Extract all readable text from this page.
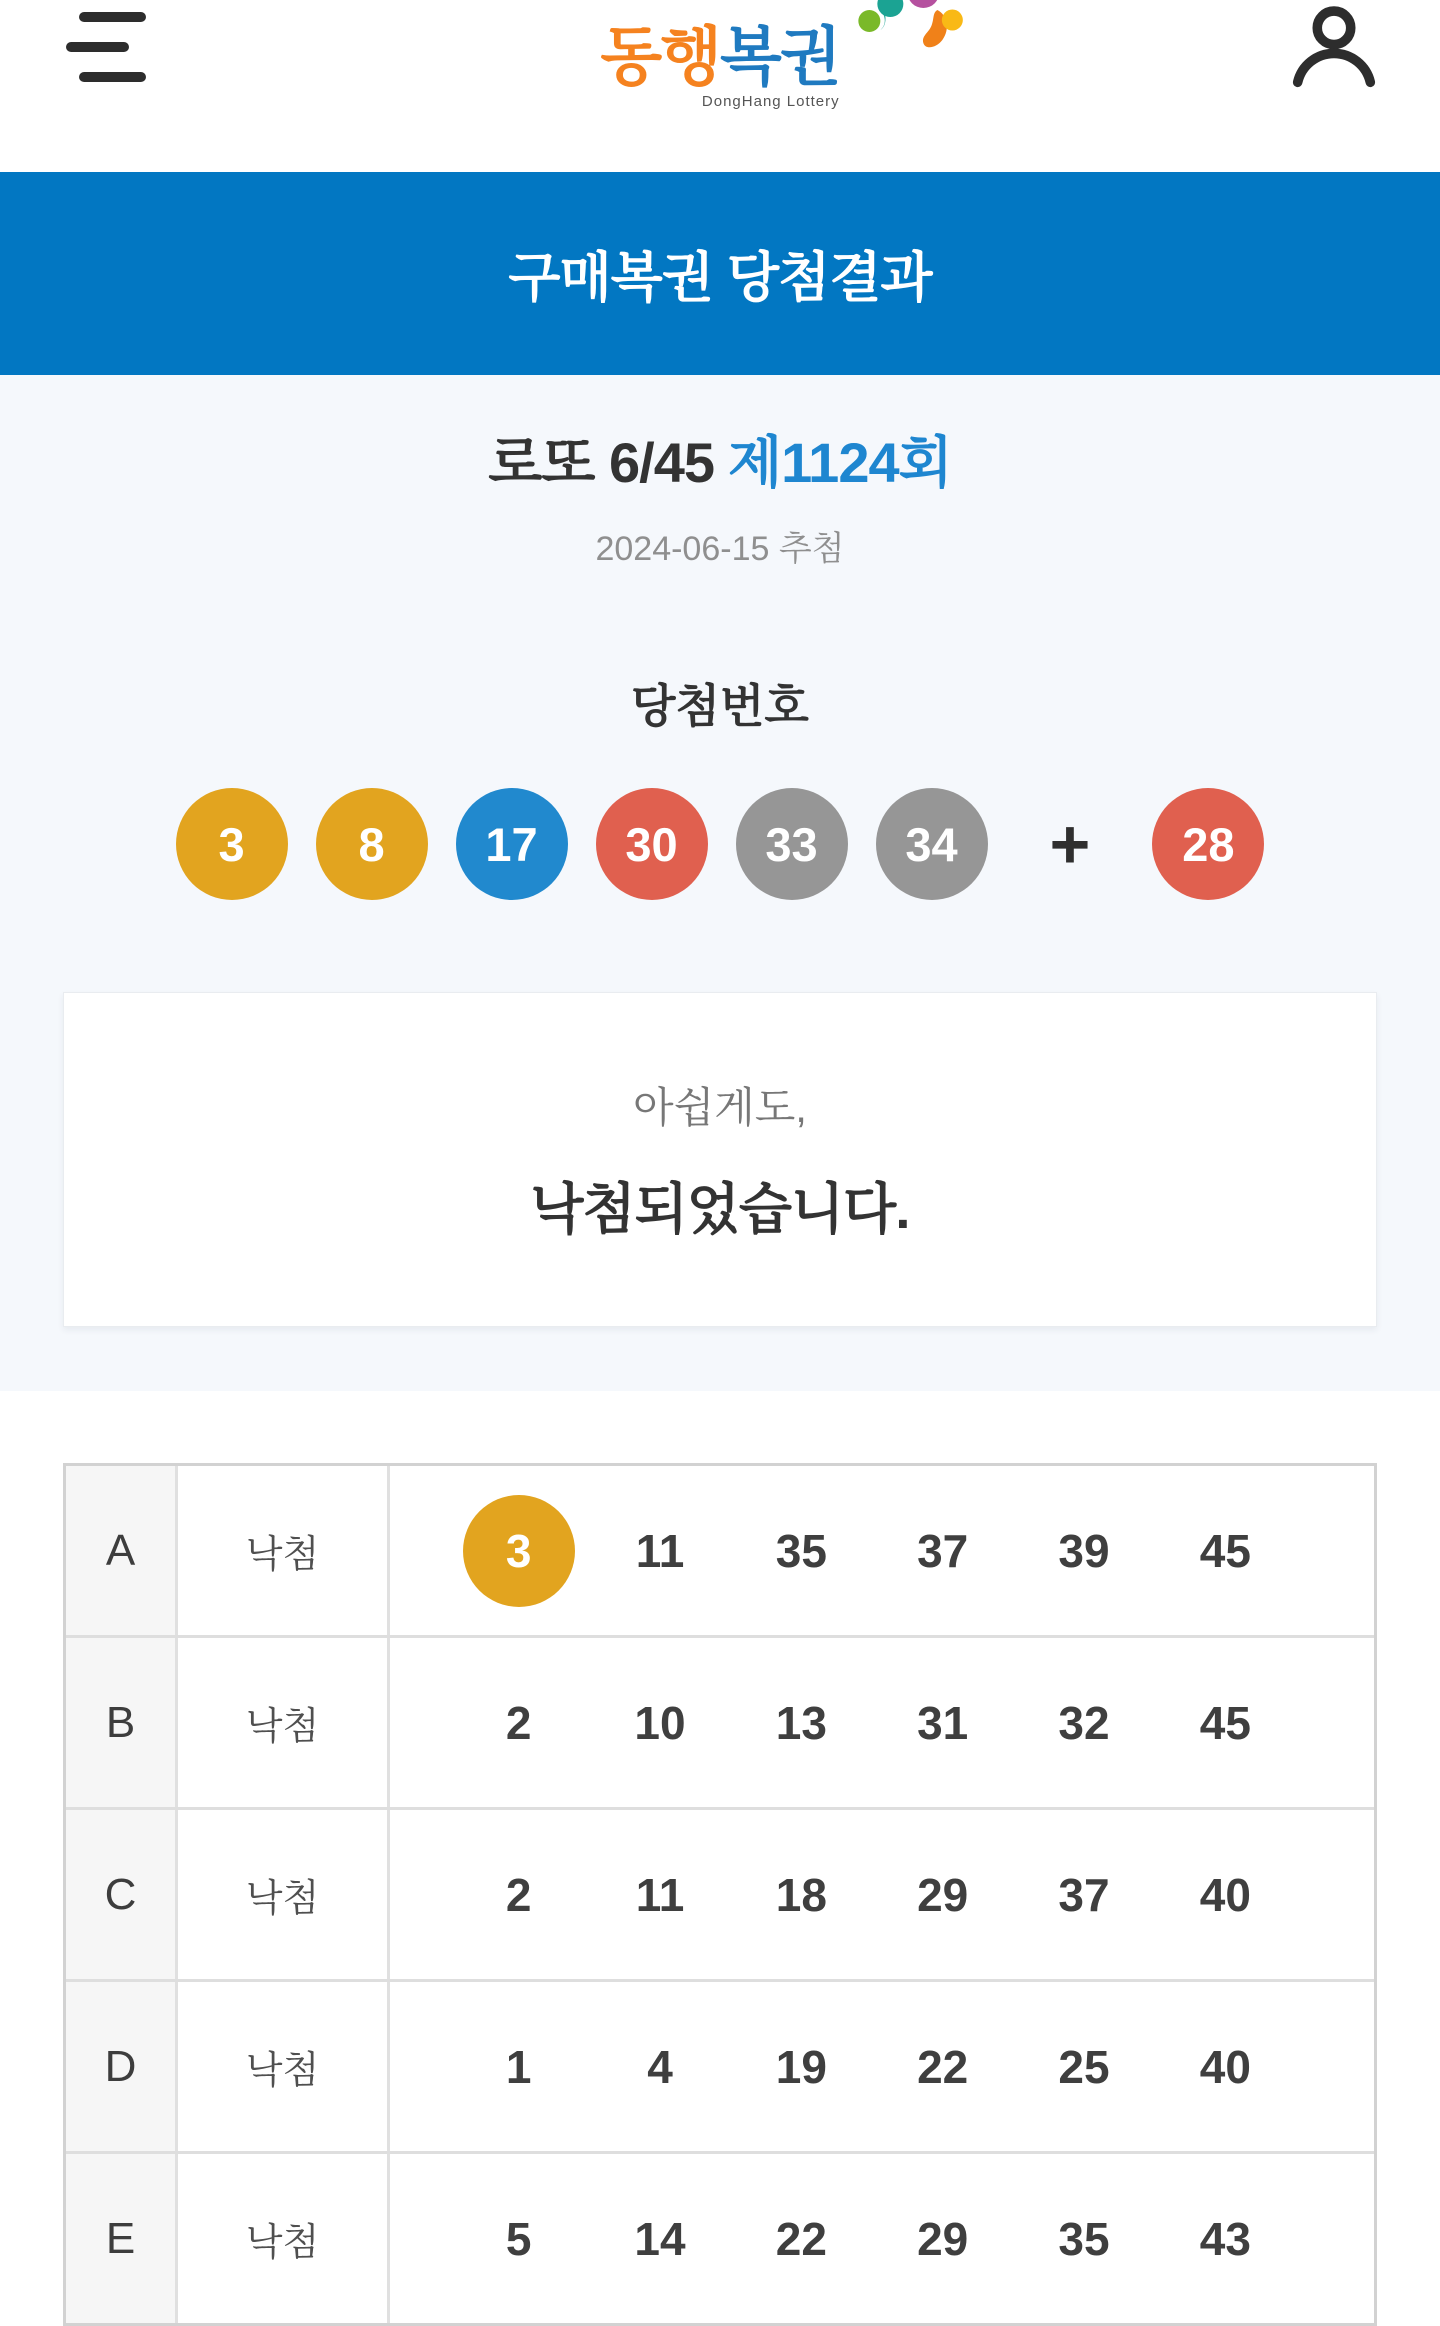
동행복권
DongHang Lottery
구매복권 당첨결과
로또 6/45 제1124회
2024-06-15 추첨
당첨번호
3	8	17	30	33	34	+	28

아쉽게도,

낙첨되었습니다.

A	낙첨	3	11 35 37 39 45
B	낙첨	2 10 13 31 32 45
C	낙첨	2 11 18 29 37 40
D	낙첨	1	4 19 22 25 40
E	낙첨	5 14 22 29 35 43
